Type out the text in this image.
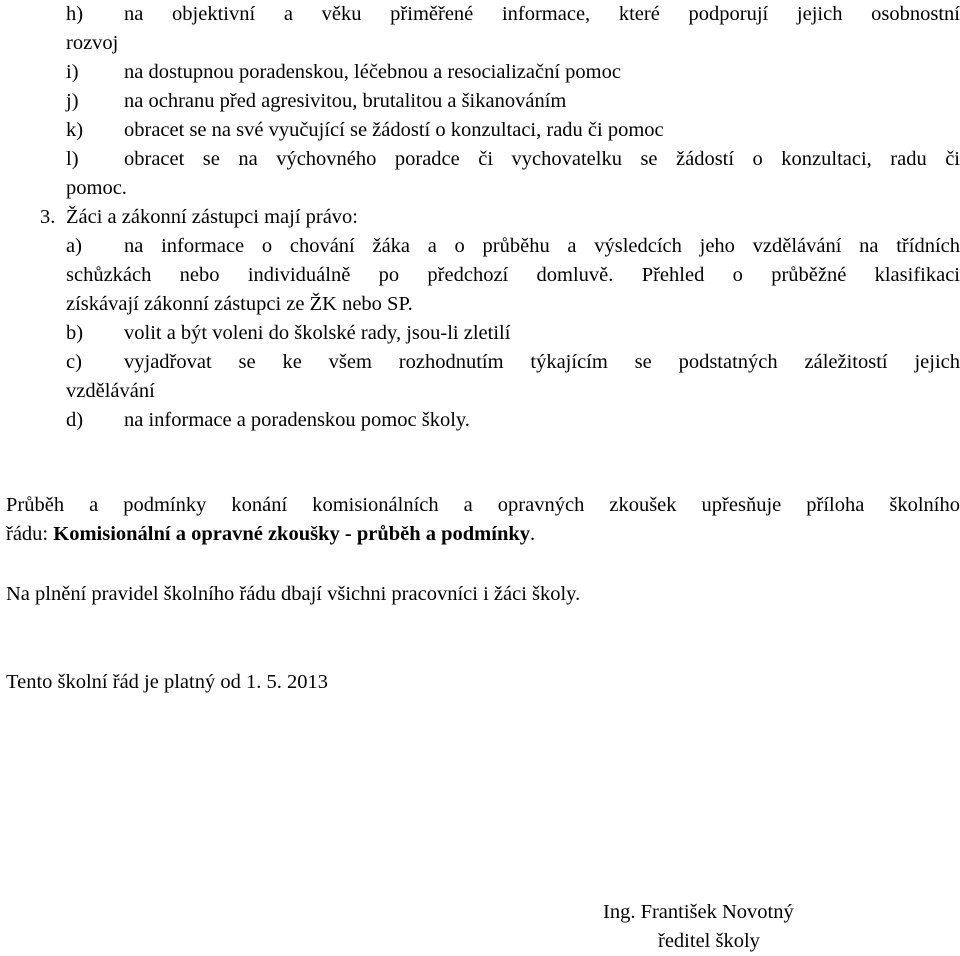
h) na objektivní a věku přiměřené informace, které podporují jejich osobnostní
rozvoj
i) na dostupnou poradenskou, léčebnou a resocializační pomoc
j) na ochranu před agresivitou, brutalitou a šikanováním
k) obracet se na své vyučující se žádostí o konzultaci, radu či pomoc
l) obracet se na výchovného poradce či vychovatelku se žádostí o konzultaci, radu či
pomoc.
3. Žáci a zákonní zástupci mají právo:
a) na informace o chování žáka a o průběhu a výsledcích jeho vzdělávání na třídních
schůzkách nebo individuálně po předchozí domluvě. Přehled o průběžné klasifikaci
získávají zákonní zástupci ze ŽK nebo SP.
b) volit a být voleni do školské rady, jsou-li zletilí
c) vyjadřovat se ke všem rozhodnutím týkajícím se podstatných záležitostí jejich
vzdělávání
d) na informace a poradenskou pomoc školy.
Průběh a podmínky konání komisionálních a opravných zkoušek upřesňuje příloha školního
řádu: Komisionální a opravné zkoušky - průběh a podmínky.
Na plnění pravidel školního řádu dbají všichni pracovníci i žáci školy.
Tento školní řád je platný od 1. 5. 2013
Ing. František Novotný
ředitel školy
